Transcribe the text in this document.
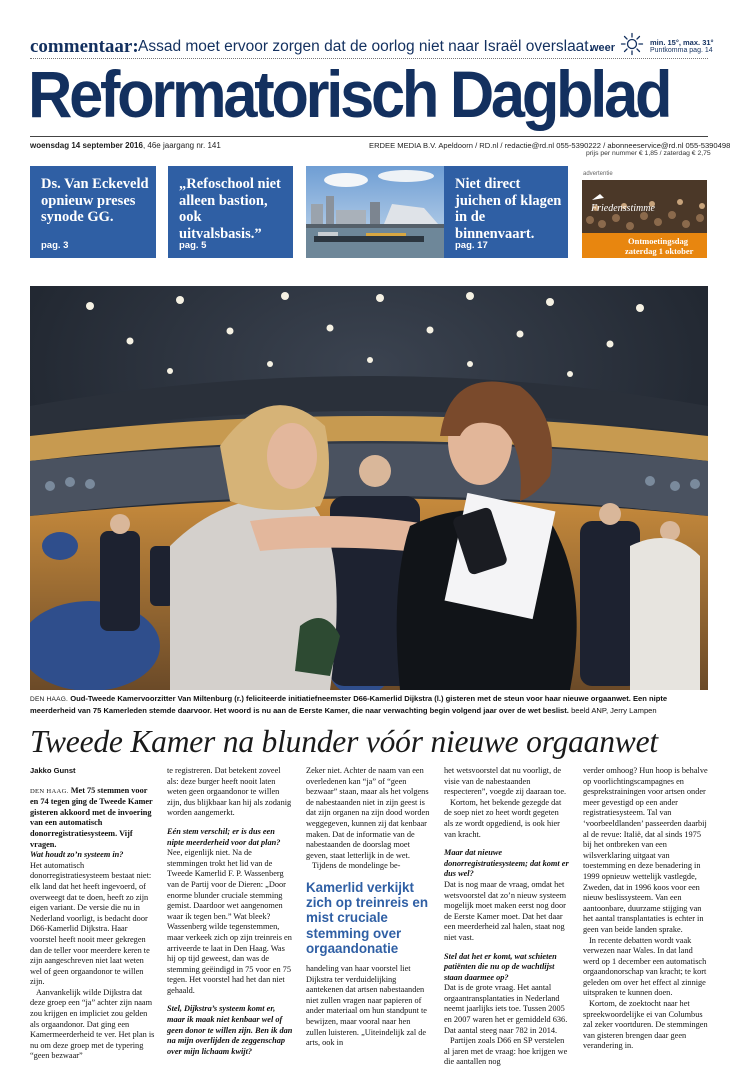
commentaar: Assad moet ervoor zorgen dat de oorlog niet naar Israël overslaat.
weer	min. 15°, max. 31°
Puntkomma pag. 14
Reformatorisch Dagblad
woensdag 14 september 2016, 46e jaargang nr. 141	ERDEE MEDIA B.V. Apeldoorn / RD.nl / redactie@rd.nl 055-5390222 / abonneeservice@rd.nl 055-5390498
prijs per nummer € 1,85 / zaterdag € 2,75
Ds. Van Eckeveld opnieuw preses synode GG.
pag. 3
„Refoschool niet alleen bastion, ook uitvalsbasis.”
pag. 5
Niet direct juichen of klagen in de binnenvaart.
pag. 17
advertentie
Friedensstimme
Ontmoetingsdag
zaterdag 1 oktober
DEN HAAG. Oud-Tweede Kamervoorzitter Van Miltenburg (r.) feliciteerde initiatiefneemster D66-Kamerlid Dijkstra (l.) gisteren met de steun voor haar nieuwe orgaanwet. Een nipte meerderheid van 75 Kamerleden stemde daarvoor. Het woord is nu aan de Eerste Kamer, die naar verwachting begin volgend jaar over de wet beslist. beeld ANP, Jerry Lampen
Tweede Kamer na blunder vóór nieuwe orgaanwet

Jakko Gunst

DEN HAAG. Met 75 stemmen voor en 74 tegen ging de Tweede Kamer gisteren akkoord met de invoering van een automatisch donorregistratiesysteem. Vijf vragen.

Wat houdt zo’n systeem in?

Het automatisch donorregistratiesysteem bestaat niet: elk land dat het heeft ingevoerd, of overweegt dat te doen, heeft zo zijn eigen variant. De versie die nu in Nederland voorligt, is bedacht door D66-Kamerlid Dijkstra. Haar voorstel heeft nooit meer gekregen dan de teller voor meerdere keren te zijn aangeschreven niet laat weten wel of geen orgaandonor te willen zijn.

Aanvankelijk wilde Dijkstra dat deze groep een “ja” achter zijn naam zou krijgen en impliciet zou gelden als orgaandonor. Dat ging een Kamermeerderheid te ver. Het plan is nu om deze groep met de typering “geen bezwaar”

te registreren. Dat betekent zoveel als: deze burger heeft nooit laten weten geen orgaandonor te willen zijn, dus blijkbaar kan hij als zodanig worden aangemerkt.

Eén stem verschil; er is dus een nipte meerderheid voor dat plan?

Nee, eigenlijk niet. Na de stemmingen trokt het lid van de Tweede Kamerlid F. P. Wassenberg van de Partij voor de Dieren: „Door enorme blunder cruciale stemming gemist. Daardoor wet aangenomen waar ik tegen ben.” Wat bleek? Wassenberg wilde tegenstemmen, maar verkeek zich op zijn treinreis en arriveerde te laat in Den Haag. Was hij op tijd geweest, dan was de stemming geëindigd in 75 voor en 75 tegen. Het voorstel had het dan niet gehaald.

Stel, Dijkstra’s systeem komt er, maar ik maak niet kenbaar wel of geen donor te willen zijn. Ben ik dan na mijn overlijden de zeggenschap over mijn lichaam kwijt?

Zeker niet. Achter de naam van een overledenen kan “ja” of “geen bezwaar” staan, maar als het volgens de nabestaanden niet in zijn geest is dat zijn organen na zijn dood worden weggegeven, kunnen zij dat kenbaar maken. Dat de informatie van de nabestaanden de doorslag moet geven, staat letterlijk in de wet.

Tijdens de mondelinge be-

Kamerlid verkijkt zich op treinreis en mist cruciale stemming over orgaandonatie

handeling van haar voorstel liet Dijkstra ter verduidelijking aantekenen dat artsen nabestaanden niet zullen vragen naar papieren of ander materiaal om hun standpunt te bewijzen, maar vooral naar hen zullen luisteren. „Uiteindelijk zal de arts, ook in

het wetsvoorstel dat nu voorligt, de visie van de nabestaanden respecteren”, voegde zij daaraan toe.

Kortom, het bekende gezegde dat de soep niet zo heet wordt gegeten als ze wordt opgediend, is ook hier van kracht.

Maar dat nieuwe donorregistratiesysteem; dat komt er dus wel?

Dat is nog maar de vraag, omdat het wetsvoorstel dat zo’n nieuw systeem mogelijk moet maken eerst nog door de Eerste Kamer moet. Dat het daar een meerderheid zal halen, staat nog niet vast.

Stel dat het er komt, wat schieten patiënten die nu op de wachtlijst staan daarmee op?

Dat is de grote vraag. Het aantal orgaantransplantaties in Nederland neemt jaarlijks iets toe. Tussen 2005 en 2007 waren het er gemiddeld 636. Dat aantal steeg naar 782 in 2014.

Partijen zoals D66 en SP verstelen al jaren met de vraag: hoe krijgen we die aantallen nog

verder omhoog? Hun hoop is behalve op voorlichtingscampagnes en gesprekstrainingen voor artsen onder meer gevestigd op een ander registratiesysteem. Tal van ‘voorbeeldlanden’ passeerden daarbij al de revue: Italië, dat al sinds 1975 bij het ontbreken van een wilsverklaring uitgaat van toestemming en deze benadering in 1999 opnieuw wettelijk vastlegde, Zweden, dat in 1996 koos voor een nieuw beslissysteem. Van een aantoonbare, duurzame stijging van het aantal transplantaties is echter in geen van beide landen sprake.

In recente debatten wordt vaak verwezen naar Wales. In dat land werd op 1 december een automatisch orgaandonorschap van kracht; te kort geleden om over het effect al zinnige uitspraken te kunnen doen.

Kortom, de zoektocht naar het spreekwoordelijke ei van Columbus zal zeker voortduren. De stemmingen van gisteren brengen daar geen verandering in.
